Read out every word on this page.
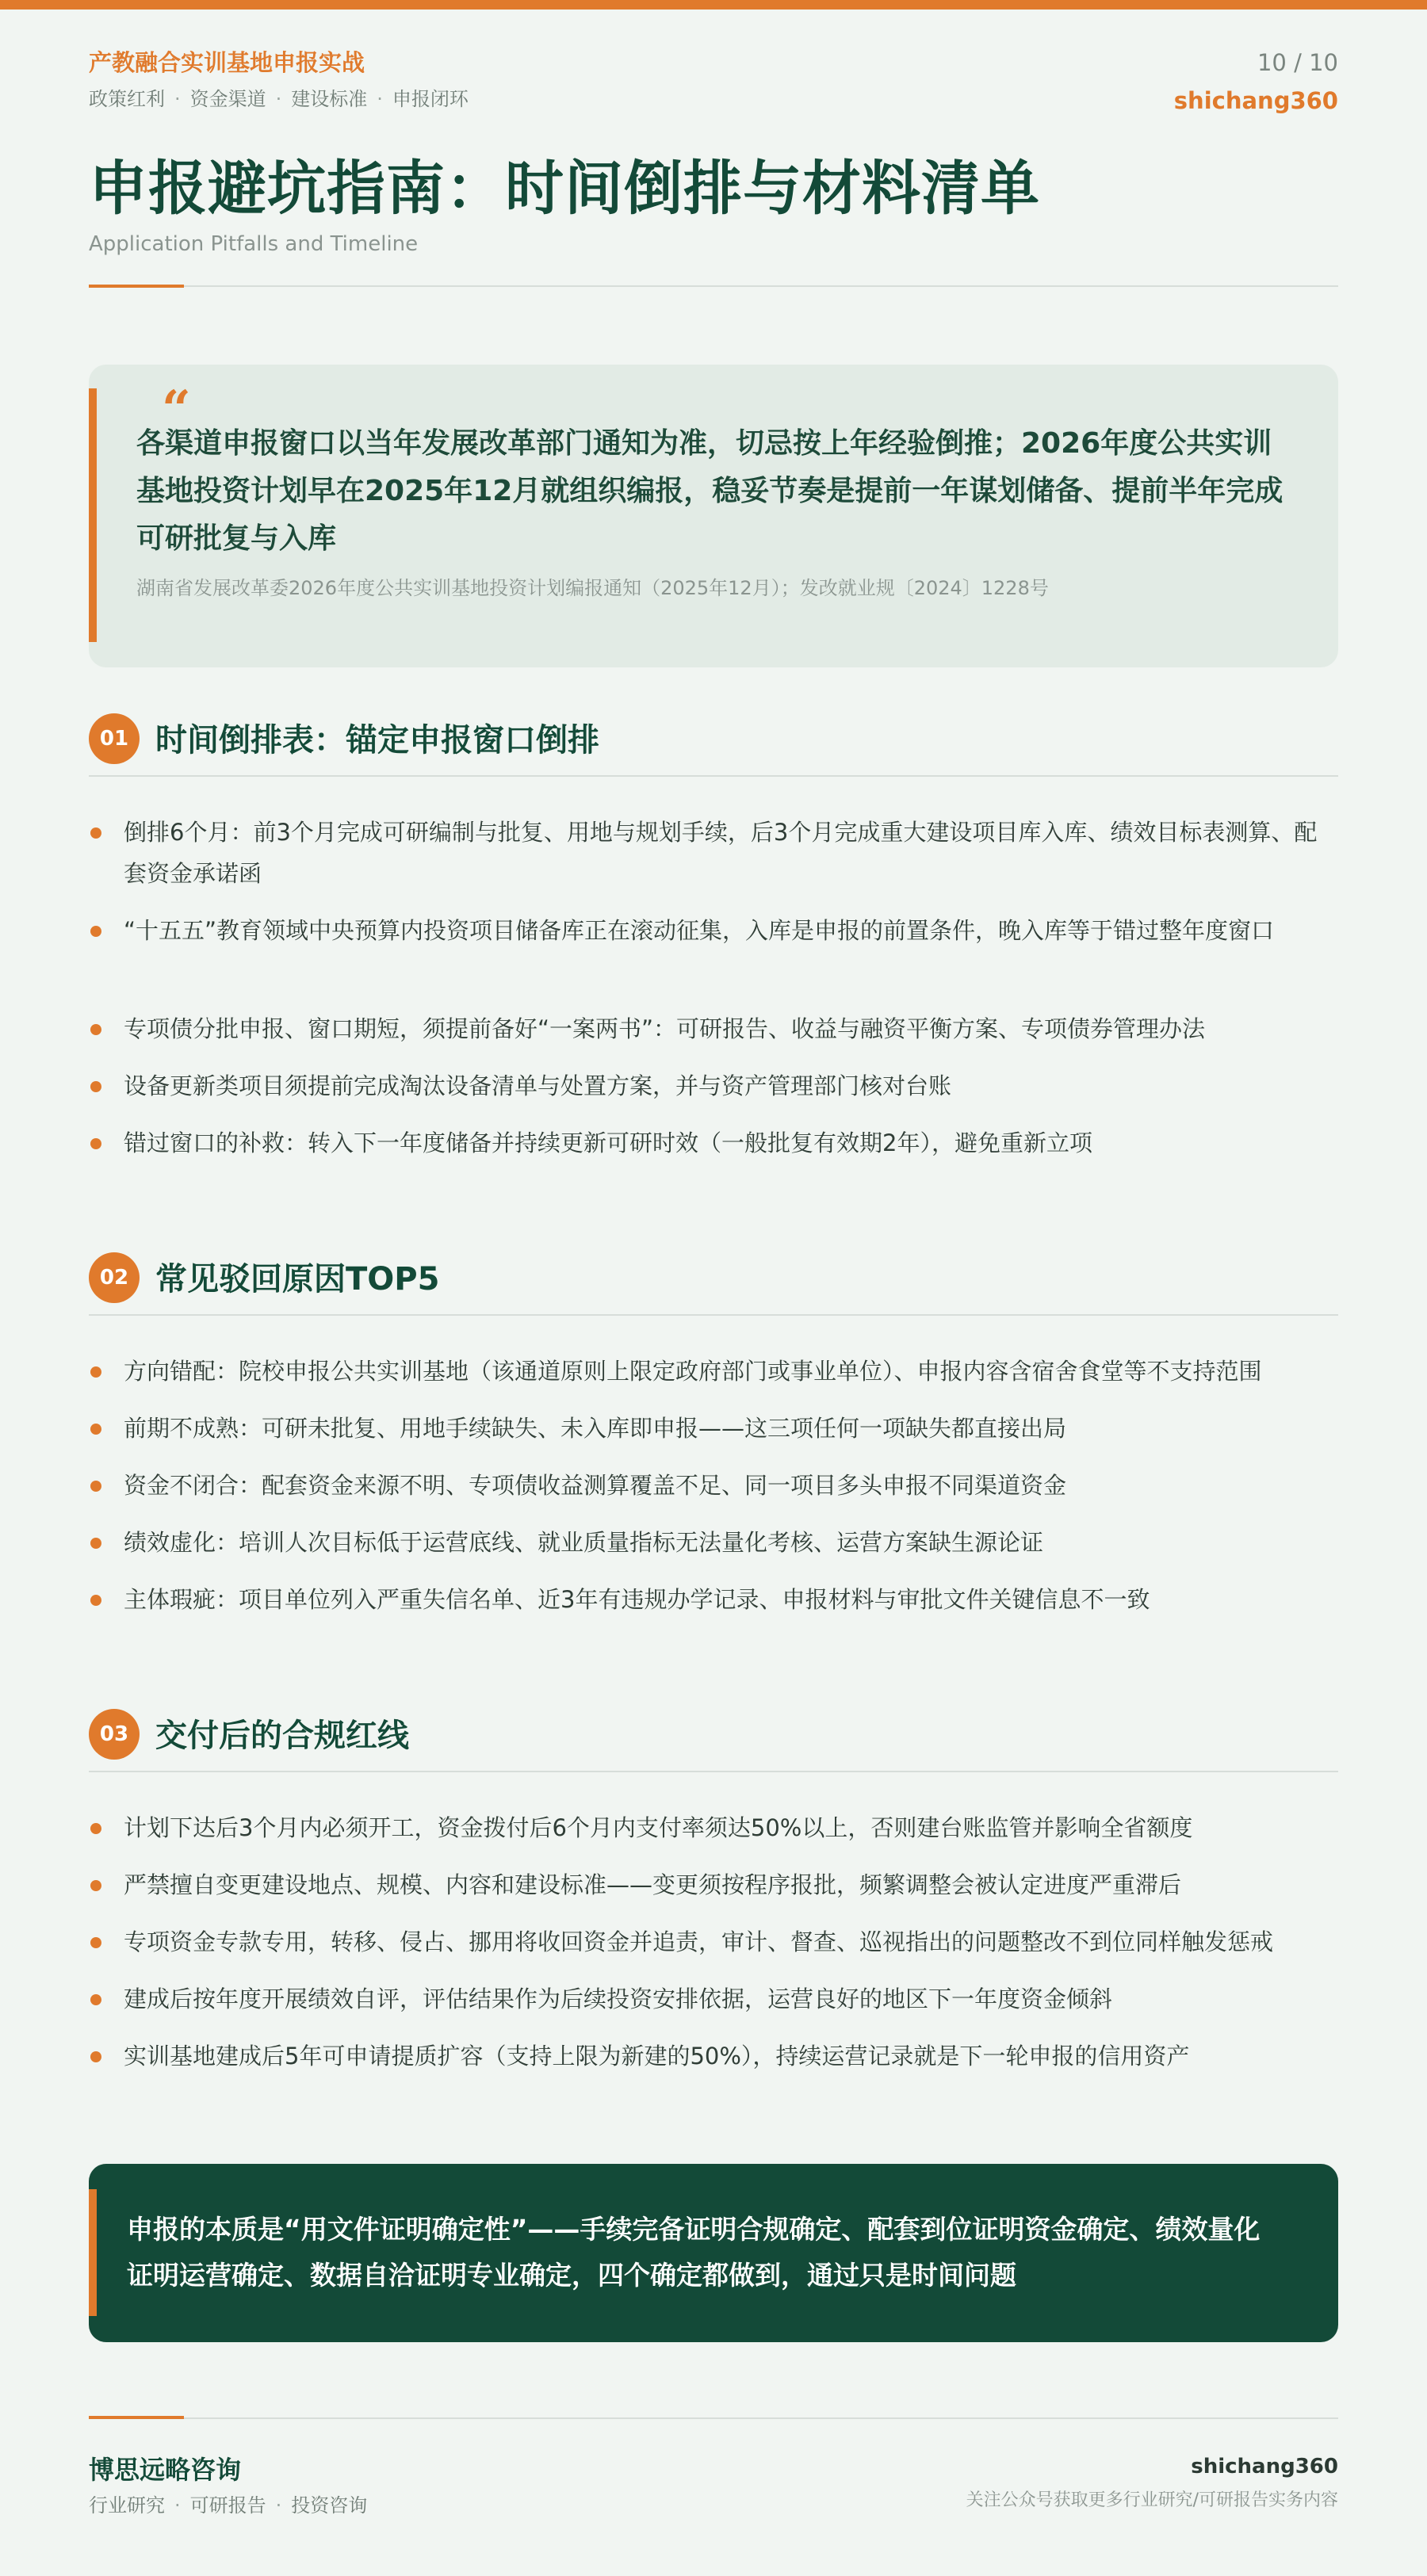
产教融合实训基地申报实战
政策红利 · 资金渠道 · 建设标准 · 申报闭环
10 / 10
shichang360
申报避坑指南：时间倒排与材料清单
Application Pitfalls and Timeline
“
各渠道申报窗口以当年发展改革部门通知为准，切忌按上年经验倒推；2026年度公共实训基地投资计划早在2025年12月就组织编报，稳妥节奏是提前一年谋划储备、提前半年完成可研批复与入库
湖南省发展改革委2026年度公共实训基地投资计划编报通知（2025年12月）；发改就业规〔2024〕1228号
01 时间倒排表：锚定申报窗口倒排
倒排6个月：前3个月完成可研编制与批复、用地与规划手续，后3个月完成重大建设项目库入库、绩效目标表测算、配套资金承诺函
“十五五”教育领域中央预算内投资项目储备库正在滚动征集，入库是申报的前置条件，晚入库等于错过整年度窗口
专项债分批申报、窗口期短，须提前备好“一案两书”：可研报告、收益与融资平衡方案、专项债券管理办法
设备更新类项目须提前完成淘汰设备清单与处置方案，并与资产管理部门核对台账
错过窗口的补救：转入下一年度储备并持续更新可研时效（一般批复有效期2年），避免重新立项
02 常见驳回原因TOP5
方向错配：院校申报公共实训基地（该通道原则上限定政府部门或事业单位）、申报内容含宿舍食堂等不支持范围
前期不成熟：可研未批复、用地手续缺失、未入库即申报——这三项任何一项缺失都直接出局
资金不闭合：配套资金来源不明、专项债收益测算覆盖不足、同一项目多头申报不同渠道资金
绩效虚化：培训人次目标低于运营底线、就业质量指标无法量化考核、运营方案缺生源论证
主体瑕疵：项目单位列入严重失信名单、近3年有违规办学记录、申报材料与审批文件关键信息不一致
03 交付后的合规红线
计划下达后3个月内必须开工，资金拨付后6个月内支付率须达50%以上，否则建台账监管并影响全省额度
严禁擅自变更建设地点、规模、内容和建设标准——变更须按程序报批，频繁调整会被认定进度严重滞后
专项资金专款专用，转移、侵占、挪用将收回资金并追责，审计、督查、巡视指出的问题整改不到位同样触发惩戒
建成后按年度开展绩效自评，评估结果作为后续投资安排依据，运营良好的地区下一年度资金倾斜
实训基地建成后5年可申请提质扩容（支持上限为新建的50%），持续运营记录就是下一轮申报的信用资产
申报的本质是“用文件证明确定性”——手续完备证明合规确定、配套到位证明资金确定、绩效量化证明运营确定、数据自洽证明专业确定，四个确定都做到，通过只是时间问题
博思远略咨询
行业研究 · 可研报告 · 投资咨询
shichang360
关注公众号获取更多行业研究/可研报告实务内容
